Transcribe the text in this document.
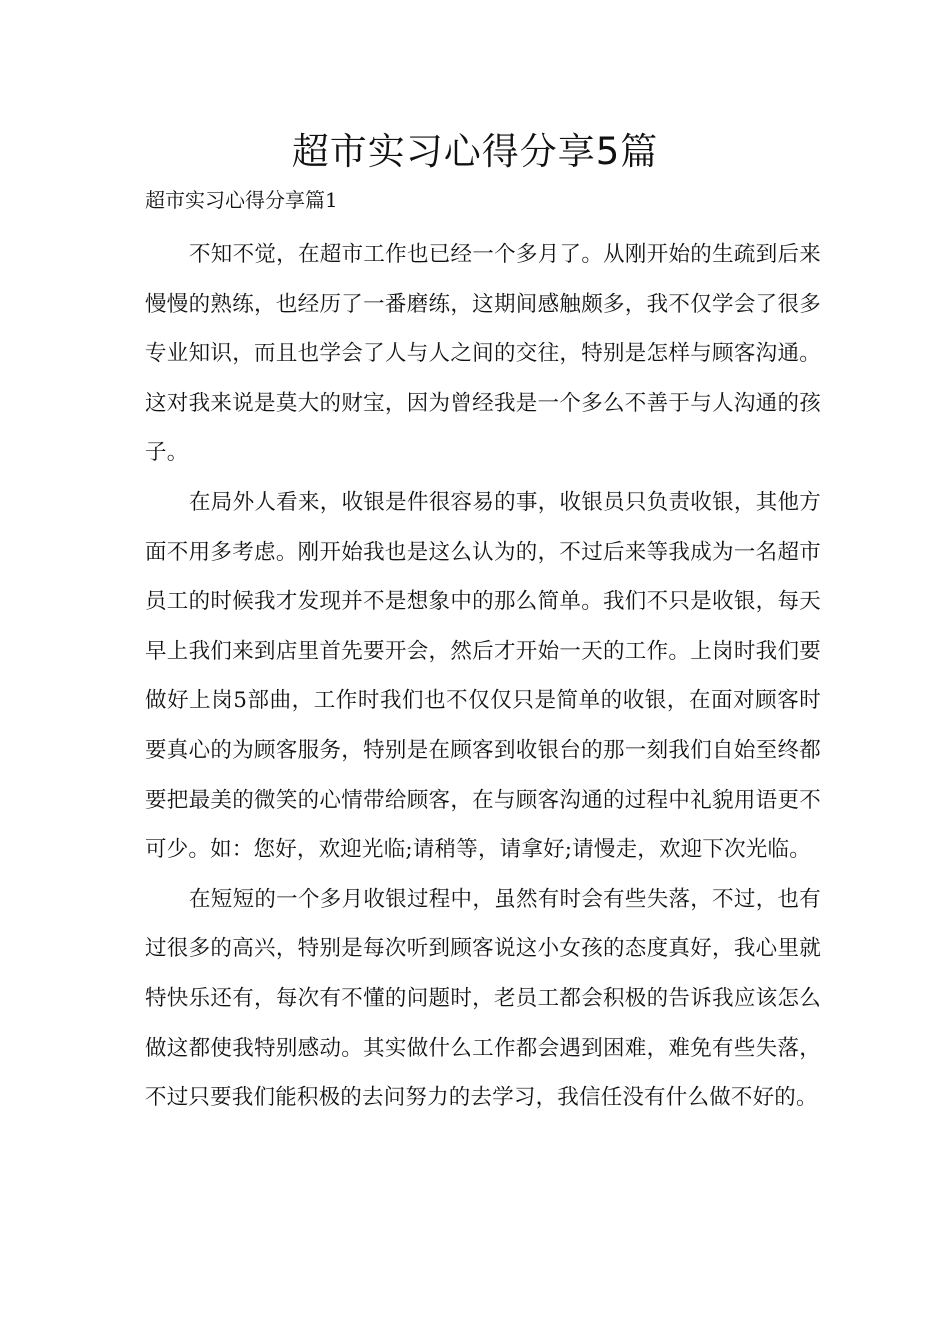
超市实习心得分享5篇
超市实习心得分享篇1

不知不觉，在超市工作也已经一个多月了。从刚开始的生疏到后来慢慢的熟练，也经历了一番磨练，这期间感触颇多，我不仅学会了很多专业知识，而且也学会了人与人之间的交往，特别是怎样与顾客沟通。这对我来说是莫大的财宝，因为曾经我是一个多么不善于与人沟通的孩子。

在局外人看来，收银是件很容易的事，收银员只负责收银，其他方面不用多考虑。刚开始我也是这么认为的，不过后来等我成为一名超市员工的时候我才发现并不是想象中的那么简单。我们不只是收银，每天早上我们来到店里首先要开会，然后才开始一天的工作。上岗时我们要做好上岗5部曲，工作时我们也不仅仅只是简单的收银，在面对顾客时要真心的为顾客服务，特别是在顾客到收银台的那一刻我们自始至终都要把最美的微笑的心情带给顾客，在与顾客沟通的过程中礼貌用语更不可少。如：您好，欢迎光临;请稍等，请拿好;请慢走，欢迎下次光临。

在短短的一个多月收银过程中，虽然有时会有些失落，不过，也有过很多的高兴，特别是每次听到顾客说这小女孩的态度真好，我心里就特快乐还有，每次有不懂的问题时，老员工都会积极的告诉我应该怎么做这都使我特别感动。其实做什么工作都会遇到困难，难免有些失落，不过只要我们能积极的去问努力的去学习，我信任没有什么做不好的。
